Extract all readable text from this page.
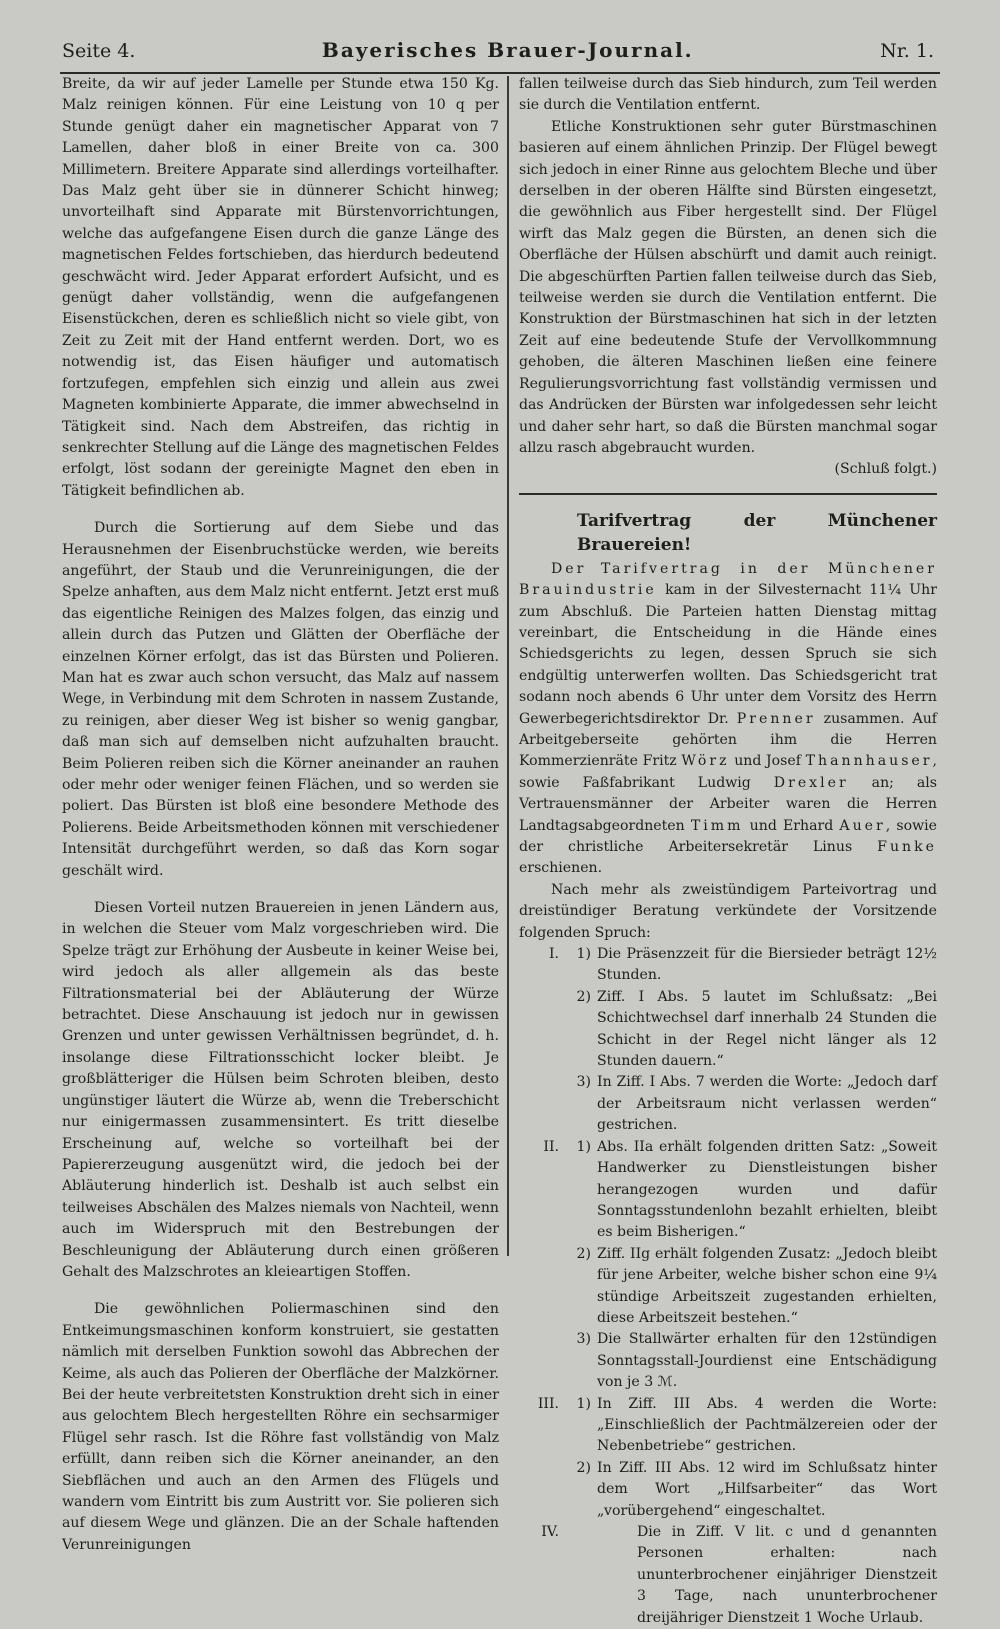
Seite 4.	Bayerisches Brauer-Journal.	Nr. 1.

Breite, da wir auf jeder Lamelle per Stunde etwa 150 Kg. Malz reinigen können. Für eine Leistung von 10 q per Stunde genügt daher ein magnetischer Apparat von 7 Lamellen, daher bloß in einer Breite von ca. 300 Millimetern. Breitere Apparate sind allerdings vorteilhafter. Das Malz geht über sie in dünnerer Schicht hinweg; unvorteilhaft sind Apparate mit Bürstenvorrichtungen, welche das aufgefangene Eisen durch die ganze Länge des magnetischen Feldes fortschieben, das hierdurch bedeutend geschwächt wird. Jeder Apparat erfordert Aufsicht, und es genügt daher vollständig, wenn die aufgefangenen Eisenstückchen, deren es schließlich nicht so viele gibt, von Zeit zu Zeit mit der Hand entfernt werden. Dort, wo es notwendig ist, das Eisen häufiger und automatisch fortzufegen, empfehlen sich einzig und allein aus zwei Magneten kombinierte Apparate, die immer abwechselnd in Tätigkeit sind. Nach dem Abstreifen, das richtig in senkrechter Stellung auf die Länge des magnetischen Feldes erfolgt, löst sodann der gereinigte Magnet den eben in Tätigkeit befindlichen ab.

Durch die Sortierung auf dem Siebe und das Herausnehmen der Eisenbruchstücke werden, wie bereits angeführt, der Staub und die Verunreinigungen, die der Spelze anhaften, aus dem Malz nicht entfernt. Jetzt erst muß das eigentliche Reinigen des Malzes folgen, das einzig und allein durch das Putzen und Glätten der Oberfläche der einzelnen Körner erfolgt, das ist das Bürsten und Polieren. Man hat es zwar auch schon versucht, das Malz auf nassem Wege, in Verbindung mit dem Schroten in nassem Zustande, zu reinigen, aber dieser Weg ist bisher so wenig gangbar, daß man sich auf demselben nicht aufzuhalten braucht. Beim Polieren reiben sich die Körner aneinander an rauhen oder mehr oder weniger feinen Flächen, und so werden sie poliert. Das Bürsten ist bloß eine besondere Methode des Polierens. Beide Arbeitsmethoden können mit verschiedener Intensität durchgeführt werden, so daß das Korn sogar geschält wird.

Diesen Vorteil nutzen Brauereien in jenen Ländern aus, in welchen die Steuer vom Malz vorgeschrieben wird. Die Spelze trägt zur Erhöhung der Ausbeute in keiner Weise bei, wird jedoch als aller allgemein als das beste Filtrationsmaterial bei der Abläuterung der Würze betrachtet. Diese Anschauung ist jedoch nur in gewissen Grenzen und unter gewissen Verhältnissen begründet, d. h. insolange diese Filtrationsschicht locker bleibt. Je großblätteriger die Hülsen beim Schroten bleiben, desto ungünstiger läutert die Würze ab, wenn die Treberschicht nur einigermassen zusammensintert. Es tritt dieselbe Erscheinung auf, welche so vorteilhaft bei der Papiererzeugung ausgenützt wird, die jedoch bei der Abläuterung hinderlich ist. Deshalb ist auch selbst ein teilweises Abschälen des Malzes niemals von Nachteil, wenn auch im Widerspruch mit den Bestrebungen der Beschleunigung der Abläuterung durch einen größeren Gehalt des Malzschrotes an kleieartigen Stoffen.

Die gewöhnlichen Poliermaschinen sind den Entkeimungsmaschinen konform konstruiert, sie gestatten nämlich mit derselben Funktion sowohl das Abbrechen der Keime, als auch das Polieren der Oberfläche der Malzkörner. Bei der heute verbreitetsten Konstruktion dreht sich in einer aus gelochtem Blech hergestellten Röhre ein sechsarmiger Flügel sehr rasch. Ist die Röhre fast vollständig von Malz erfüllt, dann reiben sich die Körner aneinander, an den Siebflächen und auch an den Armen des Flügels und wandern vom Eintritt bis zum Austritt vor. Sie polieren sich auf diesem Wege und glänzen. Die an der Schale haftenden Verunreinigungen

fallen teilweise durch das Sieb hindurch, zum Teil werden sie durch die Ventilation entfernt.

Etliche Konstruktionen sehr guter Bürstmaschinen basieren auf einem ähnlichen Prinzip. Der Flügel bewegt sich jedoch in einer Rinne aus gelochtem Bleche und über derselben in der oberen Hälfte sind Bürsten eingesetzt, die gewöhnlich aus Fiber hergestellt sind. Der Flügel wirft das Malz gegen die Bürsten, an denen sich die Oberfläche der Hülsen abschürft und damit auch reinigt. Die abgeschürften Partien fallen teilweise durch das Sieb, teilweise werden sie durch die Ventilation entfernt. Die Konstruktion der Bürstmaschinen hat sich in der letzten Zeit auf eine bedeutende Stufe der Vervollkommnung gehoben, die älteren Maschinen ließen eine feinere Regulierungsvorrichtung fast vollständig vermissen und das Andrücken der Bürsten war infolgedessen sehr leicht und daher sehr hart, so daß die Bürsten manchmal sogar allzu rasch abgebraucht wurden.

(Schluß folgt.)

Tarifvertrag der Münchener Brauereien!

Der Tarifvertrag in der Münchener Brauindustrie kam in der Silvesternacht 11¼ Uhr zum Abschluß. Die Parteien hatten Dienstag mittag vereinbart, die Entscheidung in die Hände eines Schiedsgerichts zu legen, dessen Spruch sie sich endgültig unterwerfen wollten. Das Schiedsgericht trat sodann noch abends 6 Uhr unter dem Vorsitz des Herrn Gewerbegerichtsdirektor Dr. Prenner zusammen. Auf Arbeitgeberseite gehörten ihm die Herren Kommerzienräte Fritz Wörz und Josef Thannhauser, sowie Faßfabrikant Ludwig Drexler an; als Vertrauensmänner der Arbeiter waren die Herren Landtagsabgeordneten Timm und Erhard Auer, sowie der christliche Arbeitersekretär Linus Funke erschienen.

Nach mehr als zweistündigem Parteivortrag und dreistündiger Beratung verkündete der Vorsitzende folgenden Spruch:

I.	1) Die Präsenzzeit für die Biersieder beträgt 12½ Stunden.
2) Ziff. I Abs. 5 lautet im Schlußsatz: „Bei Schichtwechsel darf innerhalb 24 Stunden die Schicht in der Regel nicht länger als 12 Stunden dauern.“
3) In Ziff. I Abs. 7 werden die Worte: „Jedoch darf der Arbeitsraum nicht verlassen werden“ gestrichen.
II.	1) Abs. IIa erhält folgenden dritten Satz: „Soweit Handwerker zu Dienstleistungen bisher herangezogen wurden und dafür Sonntagsstundenlohn bezahlt erhielten, bleibt es beim Bisherigen.“
2) Ziff. IIg erhält folgenden Zusatz: „Jedoch bleibt für jene Arbeiter, welche bisher schon eine 9¼ stündige Arbeitszeit zugestanden erhielten, diese Arbeitszeit bestehen.“
3) Die Stallwärter erhalten für den 12stündigen Sonntagsstall-Jourdienst eine Entschädigung von je 3 ℳ.
III.	1) In Ziff. III Abs. 4 werden die Worte: „Einschließlich der Pachtmälzereien oder der Nebenbetriebe“ gestrichen.
2) In Ziff. III Abs. 12 wird im Schlußsatz hinter dem Wort „Hilfsarbeiter“ das Wort „vorübergehend“ eingeschaltet.
IV.	Die in Ziff. V lit. c und d genannten Personen erhalten: nach ununterbrochener einjähriger Dienstzeit 3 Tage, nach ununterbrochener dreijähriger Dienstzeit 1 Woche Urlaub.
